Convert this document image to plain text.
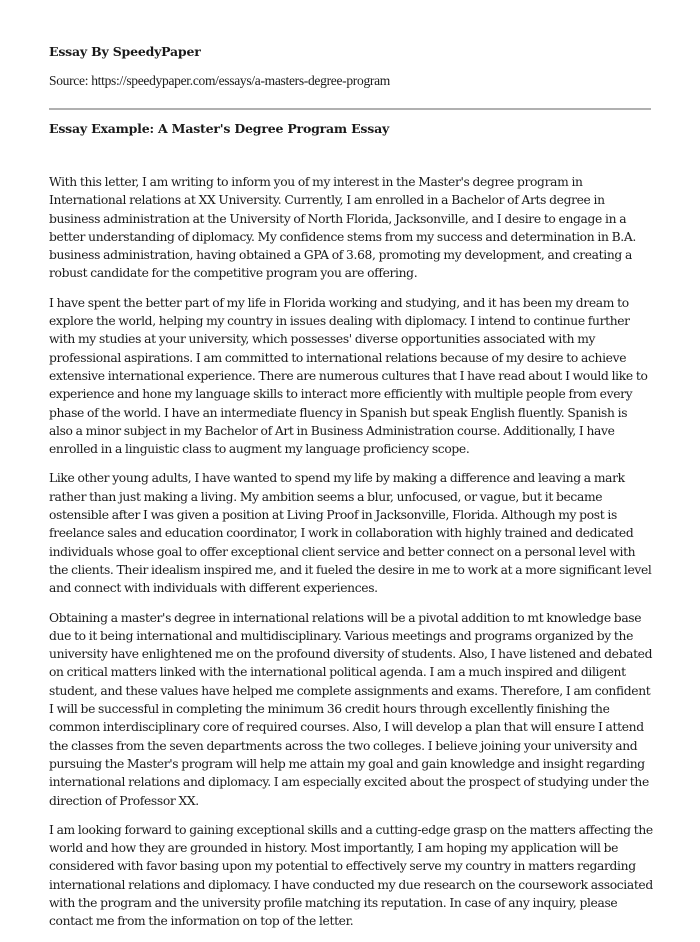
Essay By SpeedyPaper
Source: https://speedypaper.com/essays/a-masters-degree-program
Essay Example: A Master's Degree Program Essay

With this letter, I am writing to inform you of my interest in the Master's degree program in International relations at XX University. Currently, I am enrolled in a Bachelor of Arts degree in business administration at the University of North Florida, Jacksonville, and I desire to engage in a better understanding of diplomacy. My confidence stems from my success and determination in B.A. business administration, having obtained a GPA of 3.68, promoting my development, and creating a robust candidate for the competitive program you are offering.

I have spent the better part of my life in Florida working and studying, and it has been my dream to explore the world, helping my country in issues dealing with diplomacy. I intend to continue further with my studies at your university, which possesses' diverse opportunities associated with my professional aspirations. I am committed to international relations because of my desire to achieve extensive international experience. There are numerous cultures that I have read about I would like to experience and hone my language skills to interact more efficiently with multiple people from every phase of the world. I have an intermediate fluency in Spanish but speak English fluently. Spanish is also a minor subject in my Bachelor of Art in Business Administration course. Additionally, I have enrolled in a linguistic class to augment my language proficiency scope.

Like other young adults, I have wanted to spend my life by making a difference and leaving a mark rather than just making a living. My ambition seems a blur, unfocused, or vague, but it became ostensible after I was given a position at Living Proof in Jacksonville, Florida. Although my post is freelance sales and education coordinator, I work in collaboration with highly trained and dedicated individuals whose goal to offer exceptional client service and better connect on a personal level with the clients. Their idealism inspired me, and it fueled the desire in me to work at a more significant level and connect with individuals with different experiences.

Obtaining a master's degree in international relations will be a pivotal addition to mt knowledge base due to it being international and multidisciplinary. Various meetings and programs organized by the university have enlightened me on the profound diversity of students. Also, I have listened and debated on critical matters linked with the international political agenda. I am a much inspired and diligent student, and these values have helped me complete assignments and exams. Therefore, I am confident I will be successful in completing the minimum 36 credit hours through excellently finishing the common interdisciplinary core of required courses. Also, I will develop a plan that will ensure I attend the classes from the seven departments across the two colleges. I believe joining your university and pursuing the Master's program will help me attain my goal and gain knowledge and insight regarding international relations and diplomacy. I am especially excited about the prospect of studying under the direction of Professor XX.

I am looking forward to gaining exceptional skills and a cutting-edge grasp on the matters affecting the world and how they are grounded in history. Most importantly, I am hoping my application will be considered with favor basing upon my potential to effectively serve my country in matters regarding international relations and diplomacy. I have conducted my due research on the coursework associated with the program and the university profile matching its reputation. In case of any inquiry, please contact me from the information on top of the letter.
